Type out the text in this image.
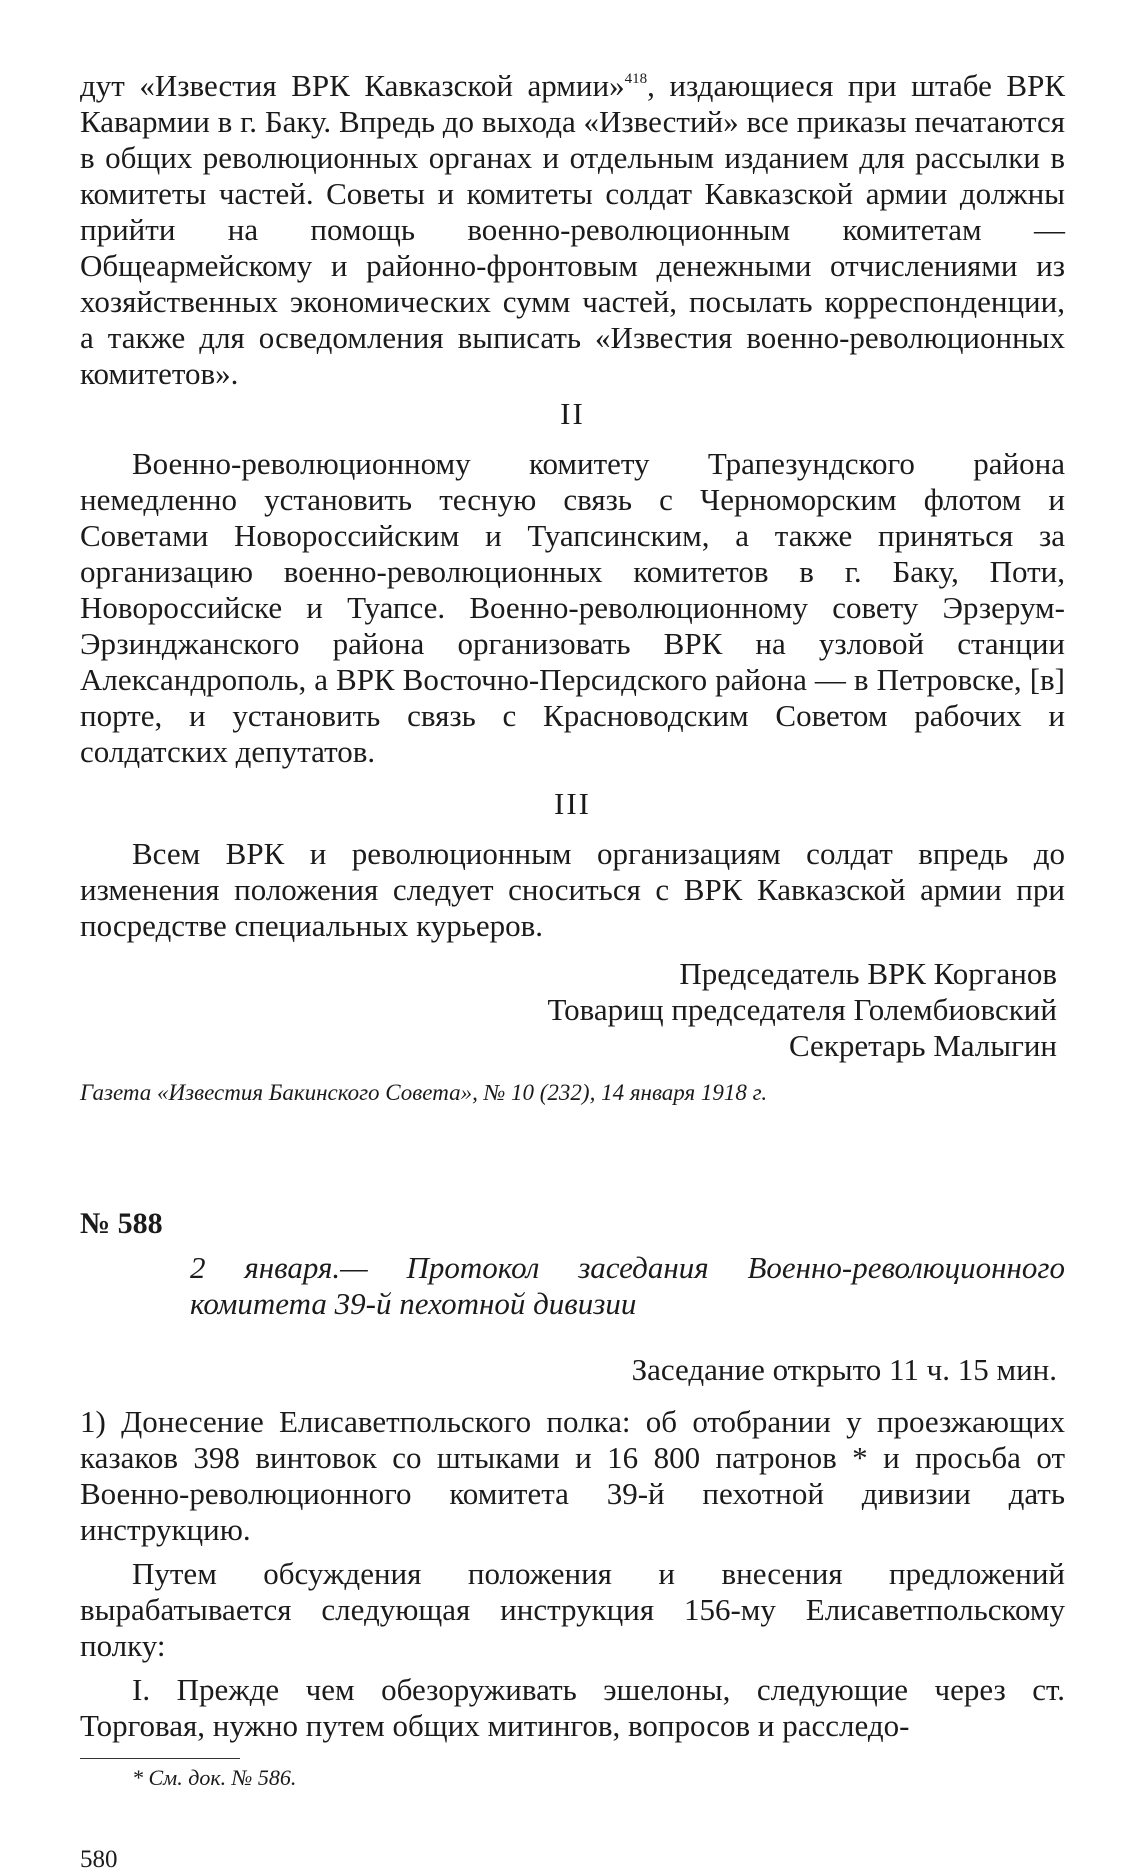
дут «Известия ВРК Кавказской армии»$^{418}$, издающиеся при штабе ВРК Кавармии в г. Баку. Впредь до выхода «Известий» все приказы печатаются в общих революционных органах и отдельным изданием для рассылки в комитеты частей. Советы и комитеты солдат Кавказской армии должны прийти на помощь военно-революционным комитетам — Общеармейскому и районно-фронтовым денежными отчислениями из хозяйственных экономических сумм частей, посылать корреспонденции, а также для осведомления выписать «Известия военно-революционных комитетов».

II

Военно-революционному комитету Трапезундского района немедленно установить тесную связь с Черноморским флотом и Советами Новороссийским и Туапсинским, а также приняться за организацию военно-революционных комитетов в г. Баку, Поти, Новороссийске и Туапсе. Военно-революционному совету Эрзерум-Эрзинджанского района организовать ВРК на узловой станции Александрополь, а ВРК Восточно-Персидского района — в Петровске, [в] порте, и установить связь с Красноводским Советом рабочих и солдатских депутатов.

III

Всем ВРК и революционным организациям солдат впредь до изменения положения следует сноситься с ВРК Кавказской армии при посредстве специальных курьеров.

Председатель ВРК Корганов

Товарищ председателя Голембиовский

Секретарь Малыгин

Газета «Известия Бакинского Совета», № 10 (232), 14 января 1918 г.

№ 588

2 января.— Протокол заседания Военно-революционного комитета 39-й пехотной дивизии

Заседание открыто 11 ч. 15 мин.

1) Донесение Елисаветпольского полка: об отобрании у проезжающих казаков 398 винтовок со штыками и 16 800 патронов * и просьба от Военно-революционного комитета 39-й пехотной дивизии дать инструкцию.

Путем обсуждения положения и внесения предложений вырабатывается следующая инструкция 156-му Елисаветпольскому полку:

I. Прежде чем обезоруживать эшелоны, следующие через ст. Торговая, нужно путем общих митингов, вопросов и расследо-

* См. док. № 586.

580
